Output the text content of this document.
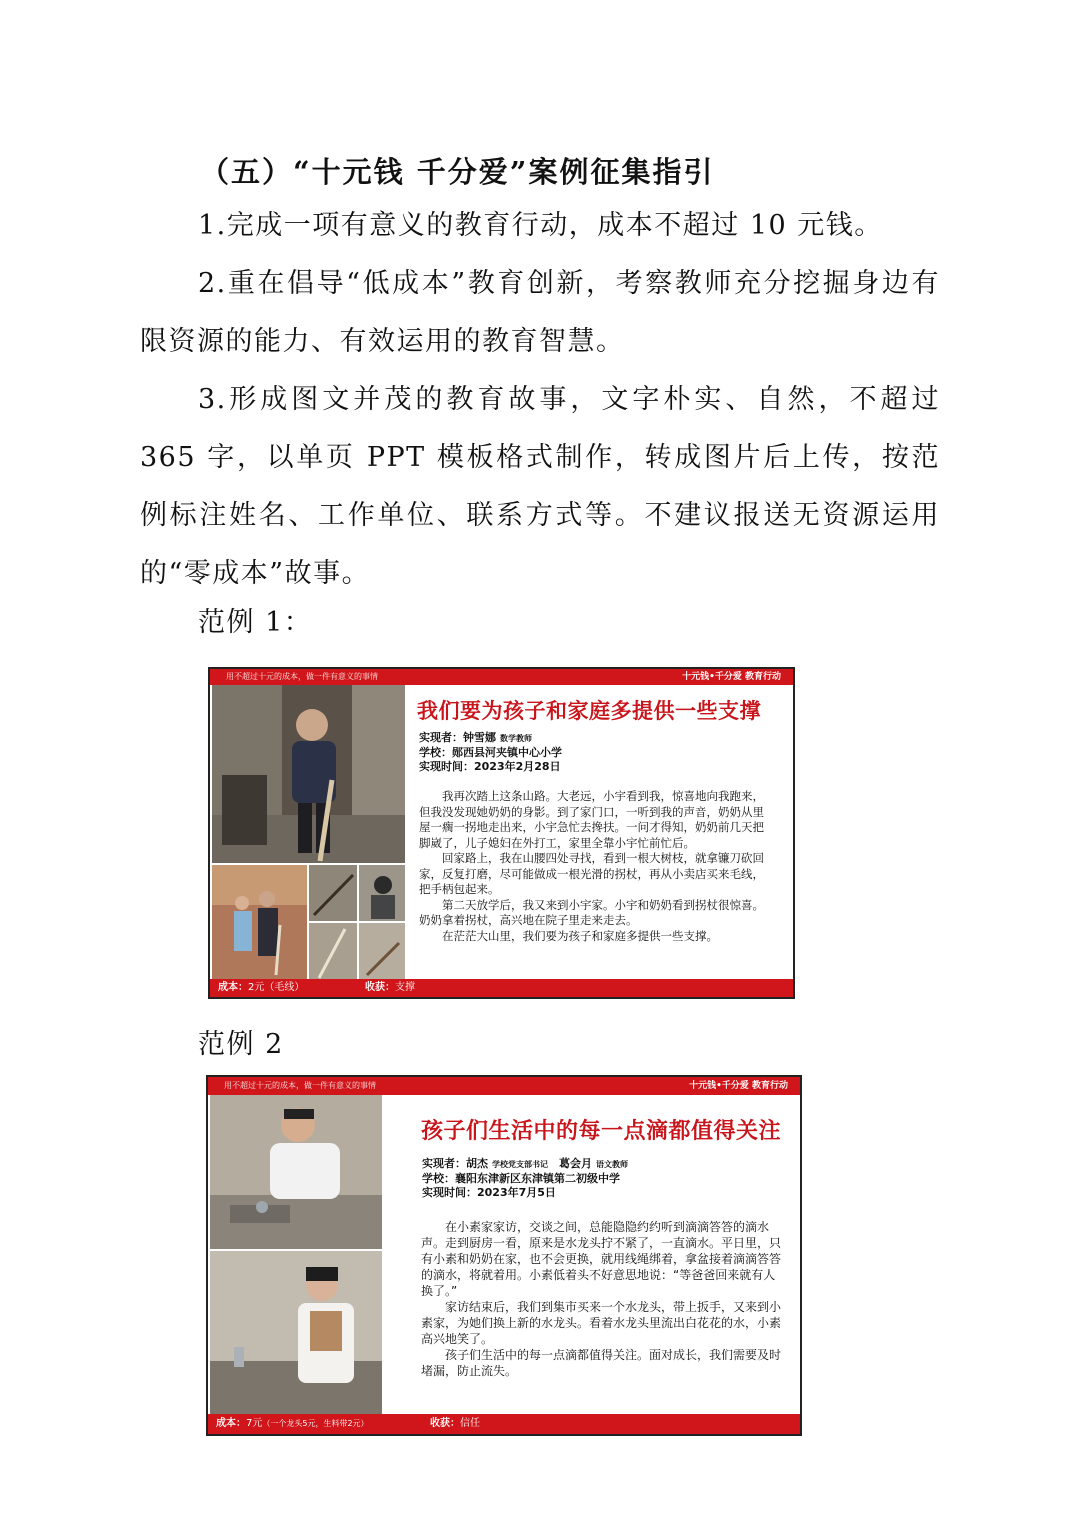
（五）“十元钱 千分爱”案例征集指引

1.完成一项有意义的教育行动，成本不超过 10 元钱。

2.重在倡导“低成本”教育创新，考察教师充分挖掘身边有限资源的能力、有效运用的教育智慧。

3.形成图文并茂的教育故事，文字朴实、自然，不超过 365 字，以单页 PPT 模板格式制作，转成图片后上传，按范例标注姓名、工作单位、联系方式等。不建议报送无资源运用的“零成本”故事。

范例 1：
用不超过十元的成本，做一件有意义的事情	十元钱•千分爱 教育行动
我们要为孩子和家庭多提供一些支撑
实现者：钟雪娜 数学教师
学校：郧西县河夹镇中心小学
实现时间：2023年2月28日

我再次踏上这条山路。大老远，小宇看到我，惊喜地向我跑来，但我没发现她奶奶的身影。到了家门口，一听到我的声音，奶奶从里屋一瘸一拐地走出来，小宇急忙去搀扶。一问才得知，奶奶前几天把脚崴了，儿子媳妇在外打工，家里全靠小宇忙前忙后。

回家路上，我在山腰四处寻找，看到一根大树枝，就拿镰刀砍回家，反复打磨，尽可能做成一根光滑的拐杖，再从小卖店买来毛线，把手柄包起来。

第二天放学后，我又来到小宇家。小宇和奶奶看到拐杖很惊喜。奶奶拿着拐杖，高兴地在院子里走来走去。

在茫茫大山里，我们要为孩子和家庭多提供一些支撑。

成本：2元（毛线）	收获：支撑
范例 2
用不超过十元的成本，做一件有意义的事情	十元钱•千分爱 教育行动
孩子们生活中的每一点滴都值得关注
实现者：胡杰 学校党支部书记　 葛会月 语文教师
学校：襄阳东津新区东津镇第二初级中学
实现时间：2023年7月5日

在小素家家访，交谈之间，总能隐隐约约听到滴滴答答的滴水声。走到厨房一看，原来是水龙头拧不紧了，一直滴水。平日里，只有小素和奶奶在家，也不会更换，就用线绳绑着，拿盆接着滴滴答答的滴水，将就着用。小素低着头不好意思地说：“等爸爸回来就有人换了。”

家访结束后，我们到集市买来一个水龙头，带上扳手，又来到小素家，为她们换上新的水龙头。看着水龙头里流出白花花的水，小素高兴地笑了。

孩子们生活中的每一点滴都值得关注。面对成长，我们需要及时堵漏，防止流失。

成本：7元（一个龙头5元，生料带2元）	收获：信任
